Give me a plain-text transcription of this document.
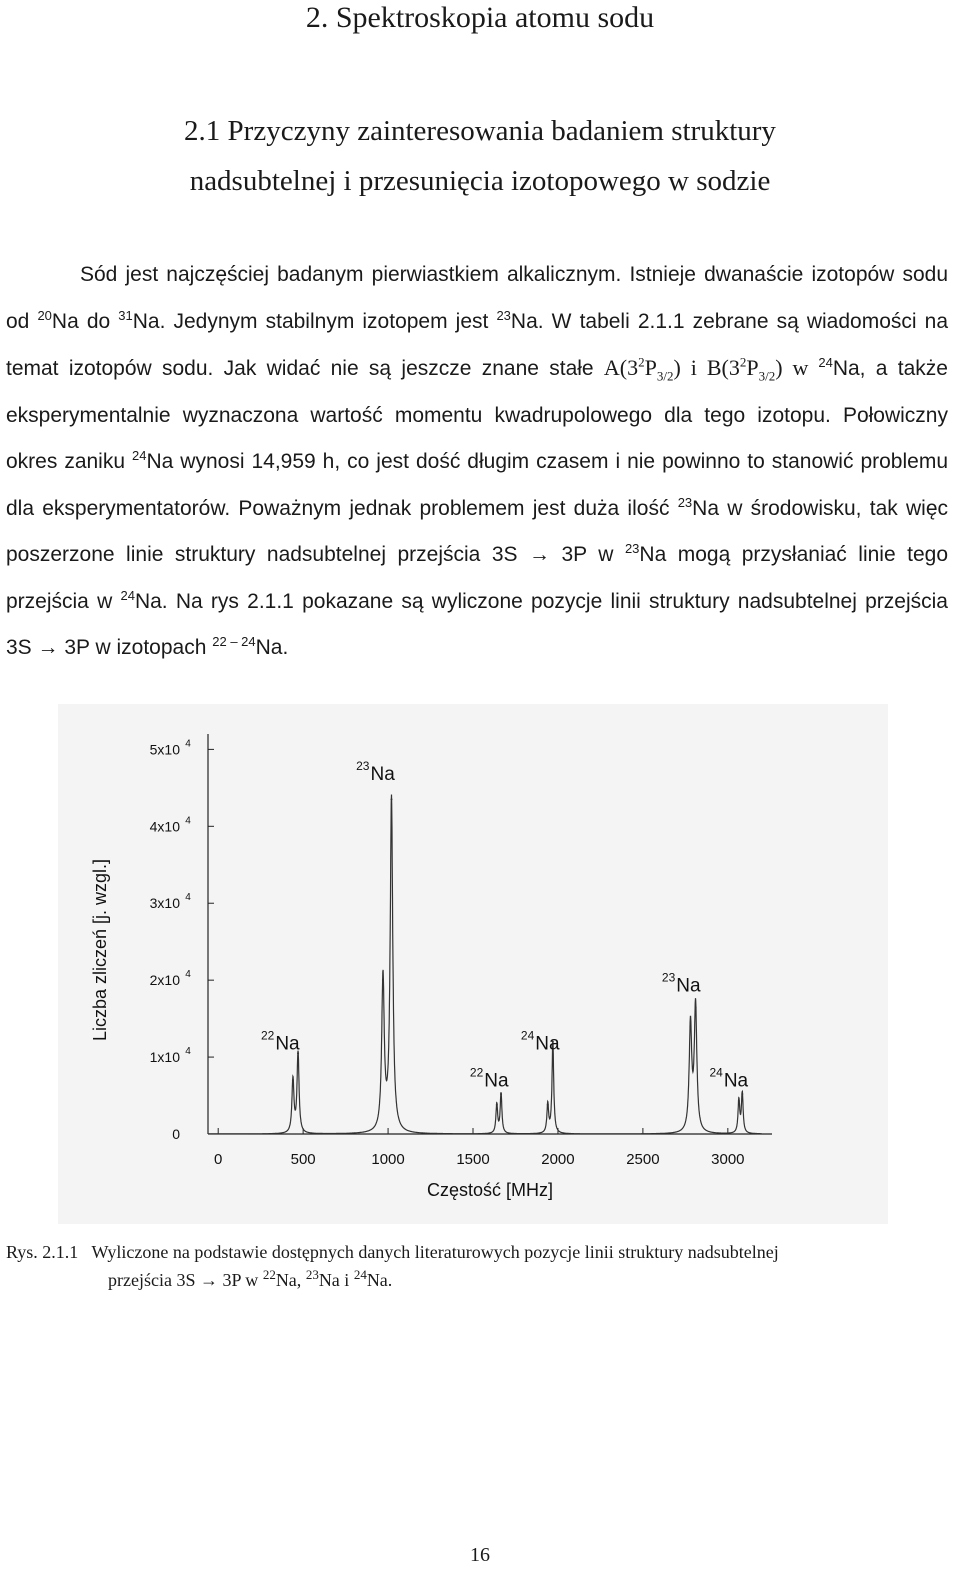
2. Spektroskopia atomu sodu
2.1 Przyczyny zainteresowania badaniem struktury
nadsubtelnej i przesunięcia izotopowego w sodzie

Sód jest najczęściej badanym pierwiastkiem alkalicznym. Istnieje dwanaście izotopów sodu od $^{20}$Na do $^{31}$Na. Jedynym stabilnym izotopem jest $^{23}$Na. W tabeli 2.1.1 zebrane są wiadomości na temat izotopów sodu. Jak widać nie są jeszcze znane stałe $A(3^2P_{3/2})$ i $B(3^2P_{3/2})$ w $^{24}$Na, a także eksperymentalnie wyznaczona wartość momentu kwadrupolowego dla tego izotopu. Połowiczny okres zaniku $^{24}$Na wynosi 14,959 h, co jest dość długim czasem i nie powinno to stanowić problemu dla eksperymentatorów. Poważnym jednak problemem jest duża ilość $^{23}$Na w środowisku, tak więc poszerzone linie struktury nadsubtelnej przejścia 3S → 3P w $^{23}$Na mogą przysłaniać linie tego przejścia w $^{24}$Na. Na rys 2.1.1 pokazane są wyliczone pozycje linii struktury nadsubtelnej przejścia 3S → 3P w izotopach $^{22 - 24}$Na.

0	500	1000	1500	2000	2500	3000
0
1x10 4
2x10 4
3x10 4
4x10 4
5x10 4
Częstość [MHz]
Liczba zliczeń [j. wzgl.]	22 Na
23 Na
22 Na
24 Na
23 Na
24 Na

Rys. 2.1.1 Wyliczone na podstawie dostępnych danych literaturowych pozycje linii struktury nadsubtelnej
przejścia 3S → 3P w $^{22}$Na, $^{23}$Na i $^{24}$Na.

16
